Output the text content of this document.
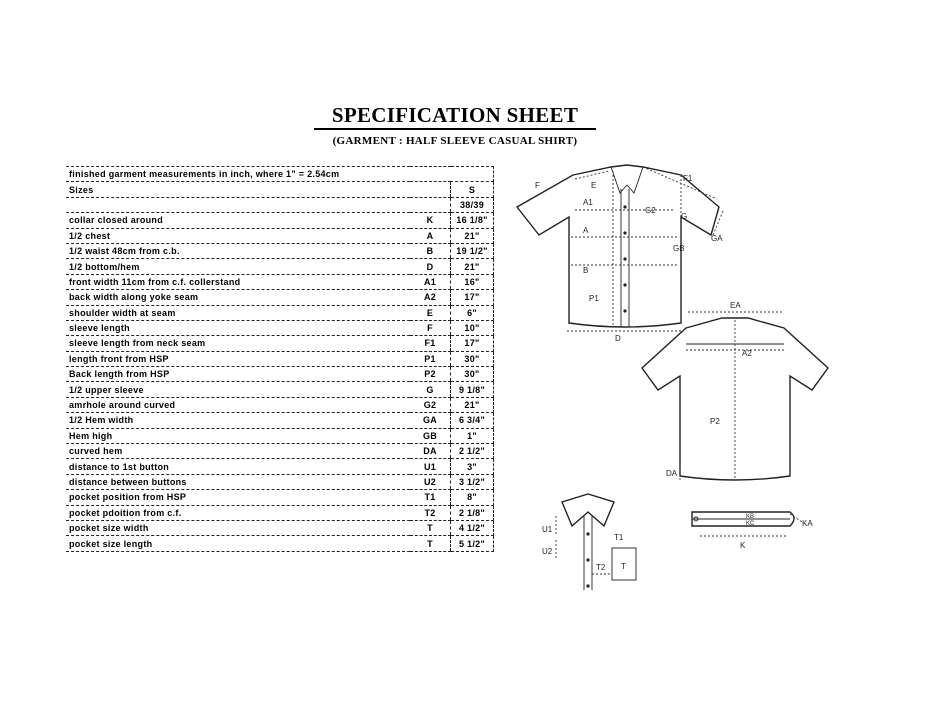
SPECIFICATION SHEET
(GARMENT : HALF SLEEVE CASUAL SHIRT)
finished garment measurements in inch, where 1" = 2.54cm		
Sizes		S
		38/39
collar closed around	K	16 1/8"
1/2 chest	A	21"
1/2 waist 48cm from c.b.	B	19 1/2"
1/2 bottom/hem	D	21"
front width 11cm from c.f. collerstand	A1	16"
back width along yoke seam	A2	17"
shoulder width at seam	E	6"
sleeve length	F	10"
sleeve length from neck seam	F1	17"
length front from HSP	P1	30"
Back length from HSP	P2	30"
1/2 upper sleeve	G	9 1/8"
amrhole around curved	G2	21"
1/2 Hem width	GA	6 3/4"
Hem high	GB	1"
curved hem	DA	2 1/2"
distance to 1st button	U1	3"
distance between buttons	U2	3 1/2"
pocket position from HSP	T1	8"
pocket pdoition from c.f.	T2	2 1/8"
pocket size width	T	4 1/2"
pocket size length	T	5 1/2"
F	E
F1
A1
G2
G
GA
GB
A
B
P1
D
EA
A2
P2
DA
U1
U2
T1
T2 T
KB
KC	KA
K
